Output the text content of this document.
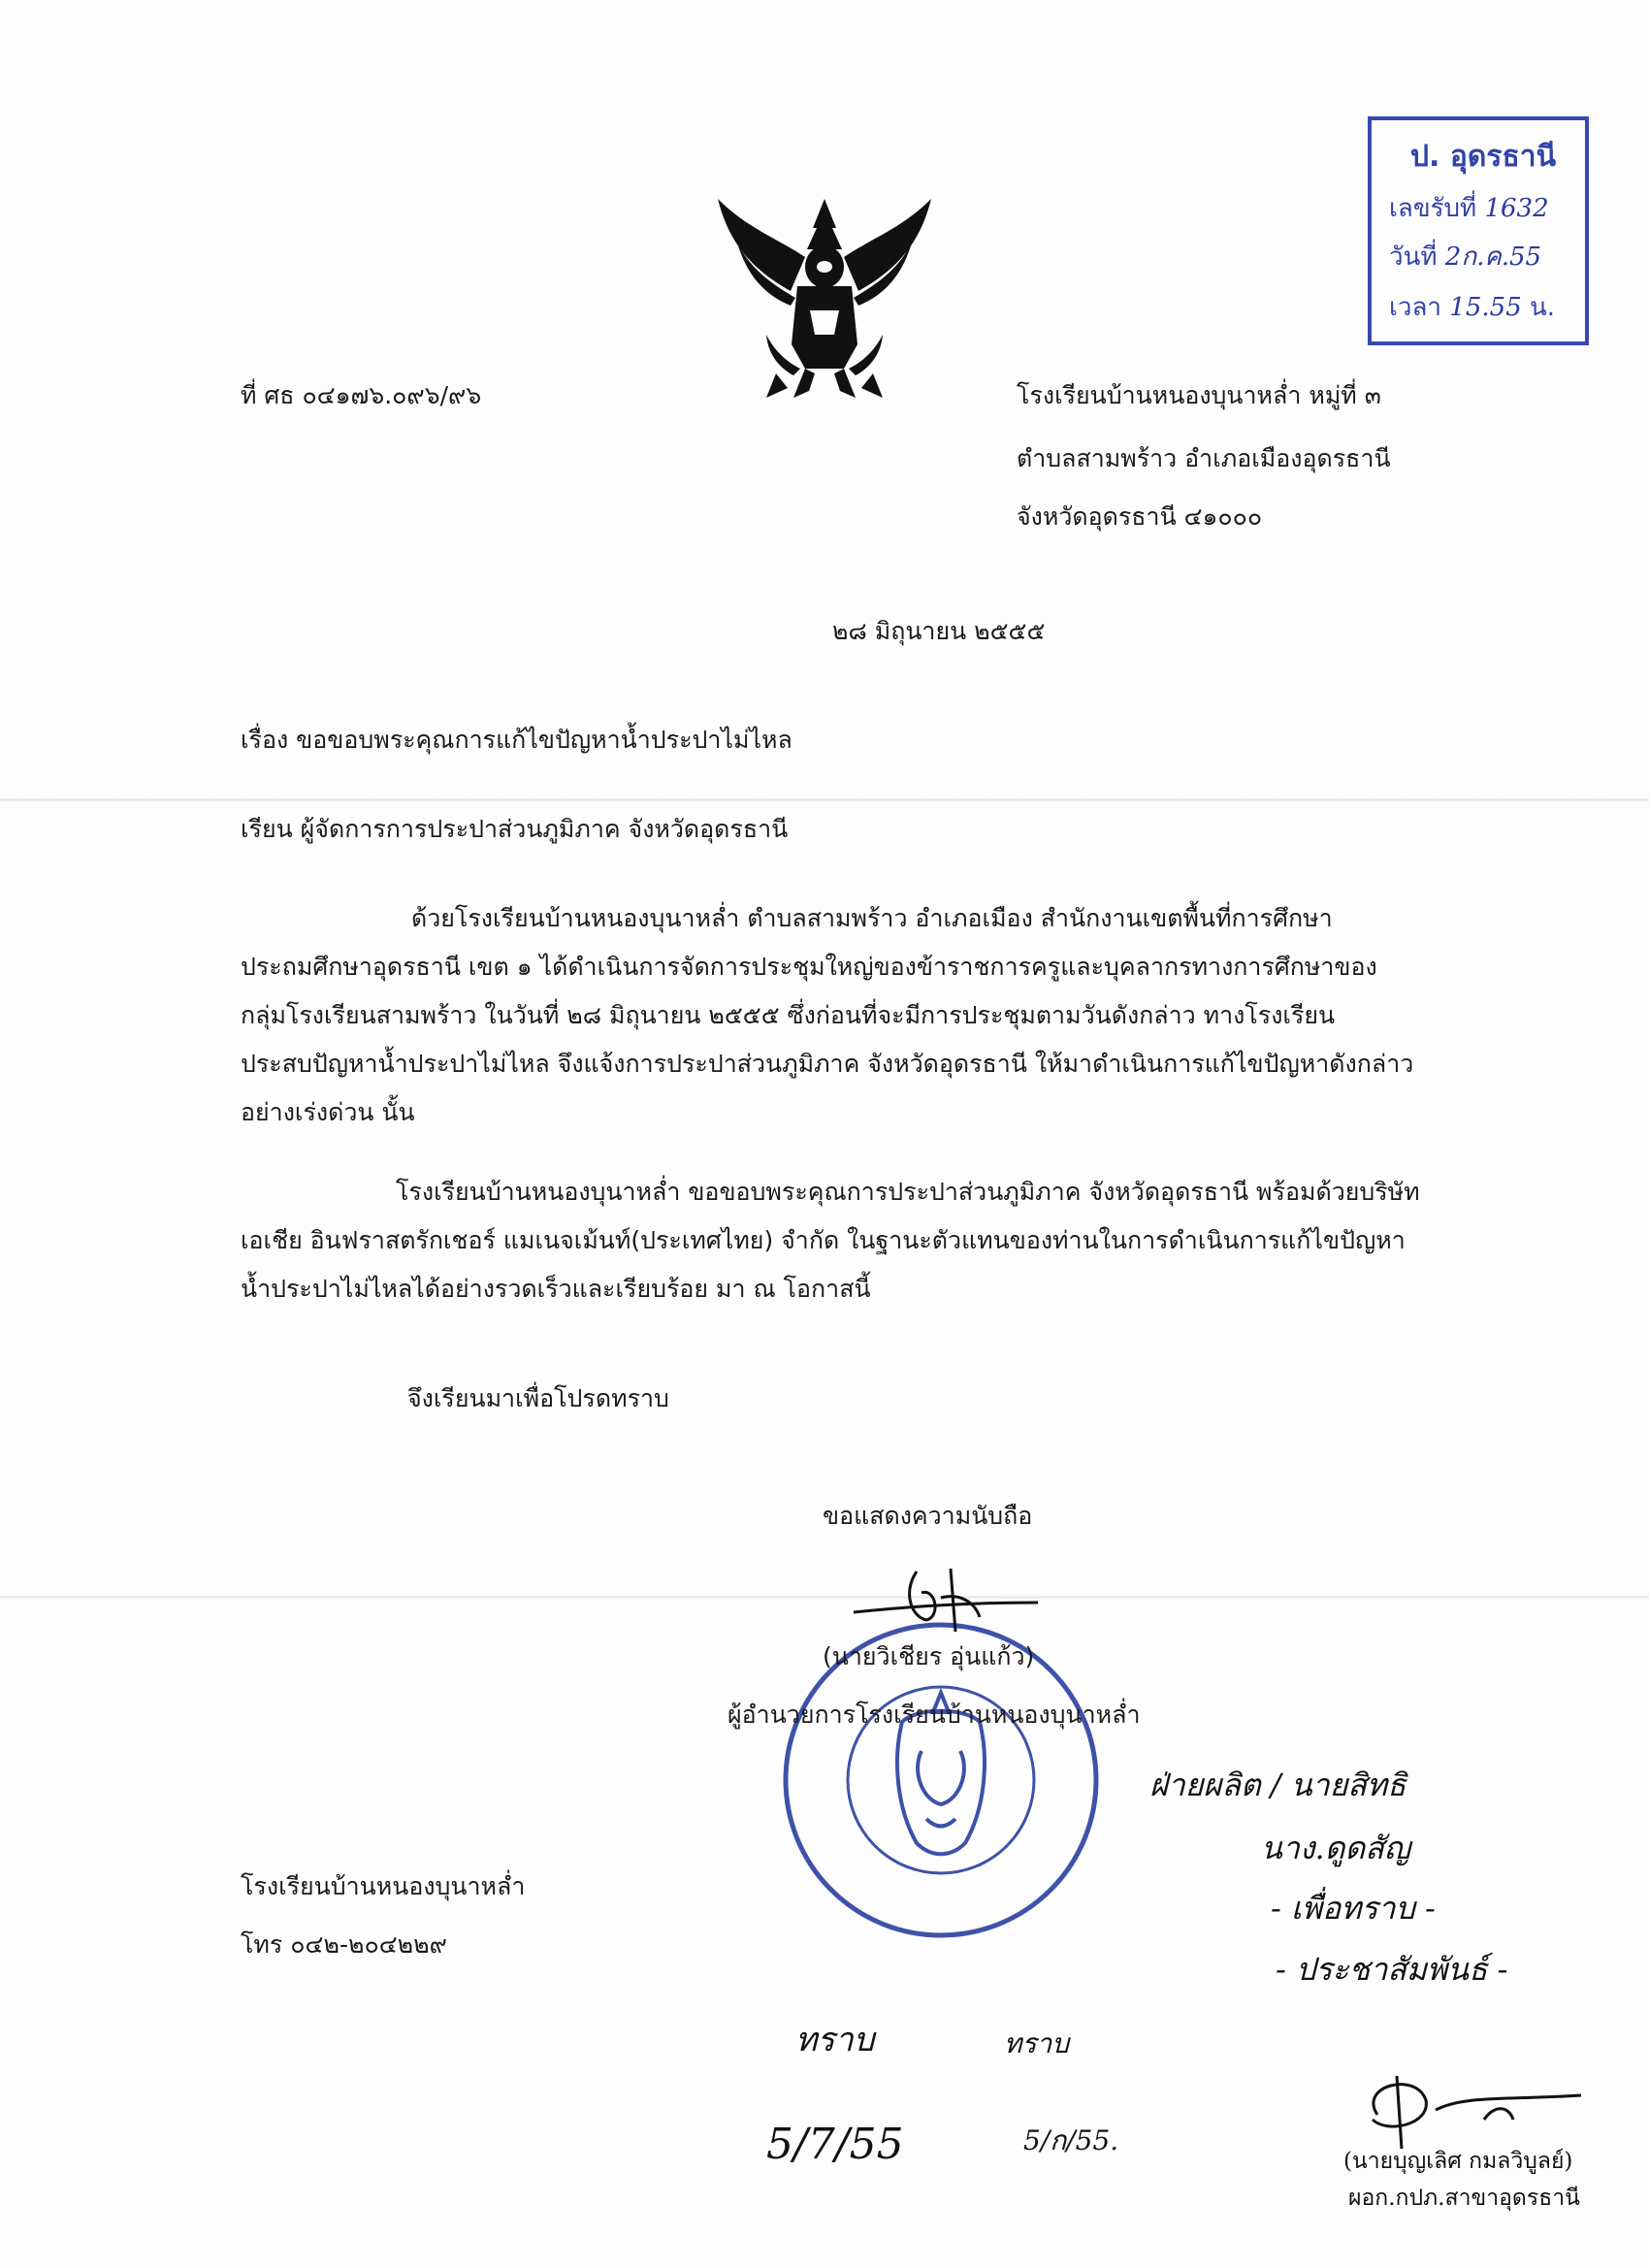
ป. อุดรธานี
เลขรับที่ 1632
วันที่ 2ก.ค.55
เวลา 15.55 น.
ที่ ศธ ๐๔๑๗๖.๐๙๖/๙๖	โรงเรียนบ้านหนองบุนาหล่ำ หมู่ที่ ๓
ตำบลสามพร้าว อำเภอเมืองอุดรธานี
จังหวัดอุดรธานี ๔๑๐๐๐
๒๘ มิถุนายน ๒๕๕๕
เรื่อง ขอขอบพระคุณการแก้ไขปัญหาน้ำประปาไม่ไหล
เรียน ผู้จัดการการประปาส่วนภูมิภาค จังหวัดอุดรธานี

ด้วยโรงเรียนบ้านหนองบุนาหล่ำ ตำบลสามพร้าว อำเภอเมือง สำนักงานเขตพื้นที่การศึกษา

ประถมศึกษาอุดรธานี เขต ๑ ได้ดำเนินการจัดการประชุมใหญ่ของข้าราชการครูและบุคลากรทางการศึกษาของ

กลุ่มโรงเรียนสามพร้าว ในวันที่ ๒๘ มิถุนายน ๒๕๕๕ ซึ่งก่อนที่จะมีการประชุมตามวันดังกล่าว ทางโรงเรียน

ประสบปัญหาน้ำประปาไม่ไหล จึงแจ้งการประปาส่วนภูมิภาค จังหวัดอุดรธานี ให้มาดำเนินการแก้ไขปัญหาดังกล่าว

อย่างเร่งด่วน นั้น

โรงเรียนบ้านหนองบุนาหล่ำ ขอขอบพระคุณการประปาส่วนภูมิภาค จังหวัดอุดรธานี พร้อมด้วยบริษัท

เอเชีย อินฟราสตรักเชอร์ แมเนจเม้นท์(ประเทศไทย) จำกัด ในฐานะตัวแทนของท่านในการดำเนินการแก้ไขปัญหา

น้ำประปาไม่ไหลได้อย่างรวดเร็วและเรียบร้อย มา ณ โอกาสนี้

จึงเรียนมาเพื่อโปรดทราบ
ขอแสดงความนับถือ
(นายวิเชียร อุ่นแก้ว)
ผู้อำนวยการโรงเรียนบ้านหนองบุนาหล่ำ
โรงเรียนบ้านหนองบุนาหล่ำ
โทร ๐๔๒-๒๐๔๒๒๙
ฝ่ายผลิต / นายสิทธิ
นาง.ดูดสัญ
- เพื่อทราบ -
- ประชาสัมพันธ์ -
ทราบ
5/7/55
ทราบ
5/ก/55.
(นายบุญเลิศ กมลวิบูลย์)
ผอก.กปภ.สาขาอุดรธานี
